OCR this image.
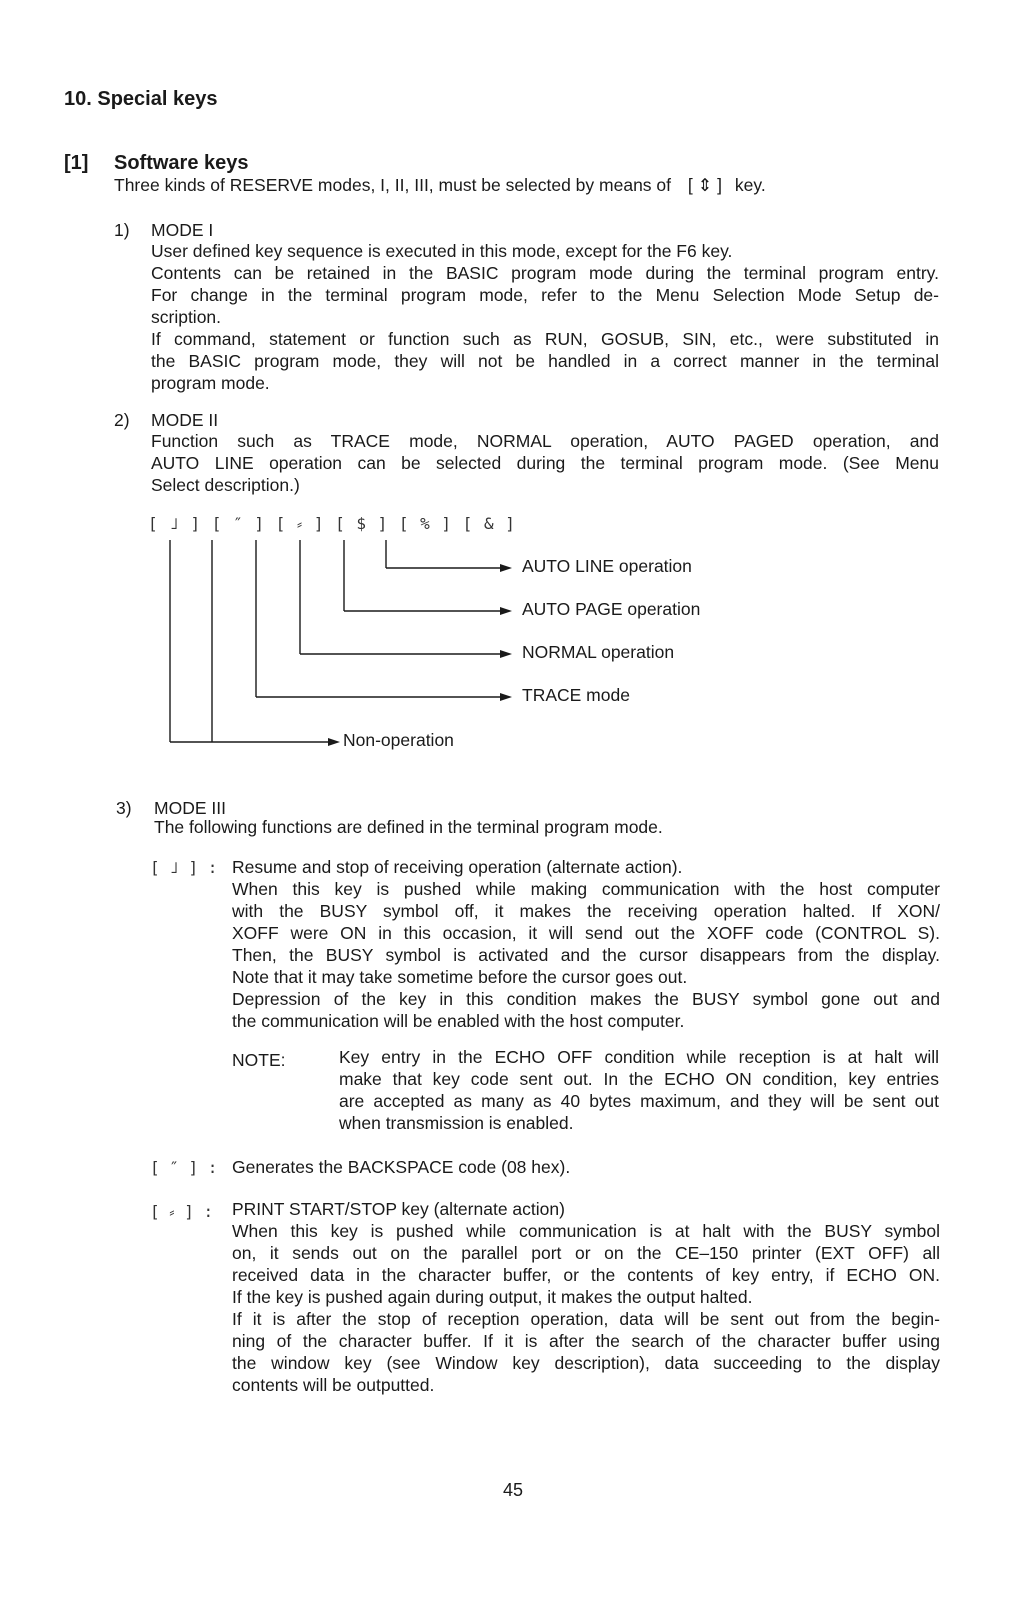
10. Special keys
[1] Software keys
Three kinds of RESERVE modes, I, II, III, must be selected by means of [ ⇕ ] key.
1) MODE I
User defined key sequence is executed in this mode, except for the F6 key.
Contents can be retained in the BASIC program mode during the terminal program entry.
For change in the terminal program mode, refer to the Menu Selection Mode Setup de-
scription.
If command, statement or function such as RUN, GOSUB, SIN, etc., were substituted in
the BASIC program mode, they will not be handled in a correct manner in the terminal
program mode.
2) MODE II
Function such as TRACE mode, NORMAL operation, AUTO PAGED operation, and
AUTO LINE operation can be selected during the terminal program mode. (See Menu
Select description.)
[ ˩ ] [ ″ ] [ ⸗ ] [ $ ] [ % ] [ & ]
AUTO LINE operation
AUTO PAGE operation
NORMAL operation
TRACE mode
Non-operation
3) MODE III
The following functions are defined in the terminal program mode.
[ ˩ ] : Resume and stop of receiving operation (alternate action).
When this key is pushed while making communication with the host computer
with the BUSY symbol off, it makes the receiving operation halted. If XON/
XOFF were ON in this occasion, it will send out the XOFF code (CONTROL S).
Then, the BUSY symbol is activated and the cursor disappears from the display.
Note that it may take sometime before the cursor goes out.
Depression of the key in this condition makes the BUSY symbol gone out and
the communication will be enabled with the host computer.
NOTE:	Key entry in the ECHO OFF condition while reception is at halt will
make that key code sent out. In the ECHO ON condition, key entries
are accepted as many as 40 bytes maximum, and they will be sent out
when transmission is enabled.
[ ″ ] : Generates the BACKSPACE code (08 hex).
[ ⸗ ] : PRINT START/STOP key (alternate action)
When this key is pushed while communication is at halt with the BUSY symbol
on, it sends out on the parallel port or on the CE–150 printer (EXT OFF) all
received data in the character buffer, or the contents of key entry, if ECHO ON.
If the key is pushed again during output, it makes the output halted.
If it is after the stop of reception operation, data will be sent out from the begin-
ning of the character buffer. If it is after the search of the character buffer using
the window key (see Window key description), data succeeding to the display
contents will be outputted.
45
